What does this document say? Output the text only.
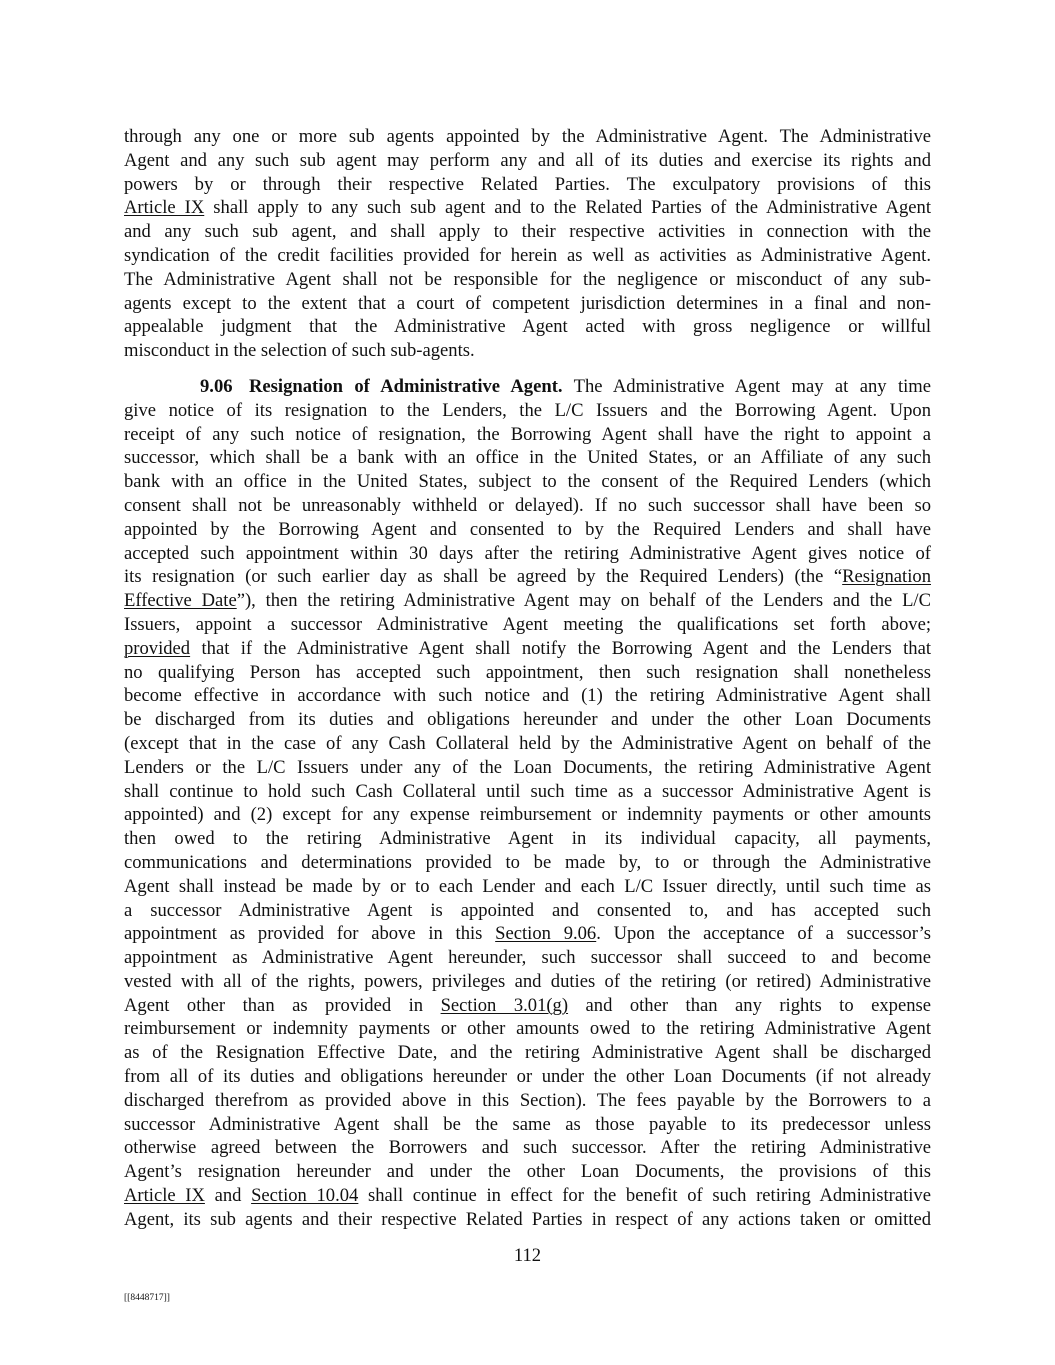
through any one or more sub agents appointed by the Administrative Agent. The Administrative
Agent and any such sub agent may perform any and all of its duties and exercise its rights and
powers by or through their respective Related Parties. The exculpatory provisions of this
Article IX shall apply to any such sub agent and to the Related Parties of the Administrative Agent
and any such sub agent, and shall apply to their respective activities in connection with the
syndication of the credit facilities provided for herein as well as activities as Administrative Agent.
The Administrative Agent shall not be responsible for the negligence or misconduct of any sub-
agents except to the extent that a court of competent jurisdiction determines in a final and non-
appealable judgment that the Administrative Agent acted with gross negligence or willful
misconduct in the selection of such sub-agents.
9.06 Resignation of Administrative Agent. The Administrative Agent may at any time
give notice of its resignation to the Lenders, the L/C Issuers and the Borrowing Agent. Upon
receipt of any such notice of resignation, the Borrowing Agent shall have the right to appoint a
successor, which shall be a bank with an office in the United States, or an Affiliate of any such
bank with an office in the United States, subject to the consent of the Required Lenders (which
consent shall not be unreasonably withheld or delayed). If no such successor shall have been so
appointed by the Borrowing Agent and consented to by the Required Lenders and shall have
accepted such appointment within 30 days after the retiring Administrative Agent gives notice of
its resignation (or such earlier day as shall be agreed by the Required Lenders) (the “Resignation
Effective Date”), then the retiring Administrative Agent may on behalf of the Lenders and the L/C
Issuers, appoint a successor Administrative Agent meeting the qualifications set forth above;
provided that if the Administrative Agent shall notify the Borrowing Agent and the Lenders that
no qualifying Person has accepted such appointment, then such resignation shall nonetheless
become effective in accordance with such notice and (1) the retiring Administrative Agent shall
be discharged from its duties and obligations hereunder and under the other Loan Documents
(except that in the case of any Cash Collateral held by the Administrative Agent on behalf of the
Lenders or the L/C Issuers under any of the Loan Documents, the retiring Administrative Agent
shall continue to hold such Cash Collateral until such time as a successor Administrative Agent is
appointed) and (2) except for any expense reimbursement or indemnity payments or other amounts
then owed to the retiring Administrative Agent in its individual capacity, all payments,
communications and determinations provided to be made by, to or through the Administrative
Agent shall instead be made by or to each Lender and each L/C Issuer directly, until such time as
a successor Administrative Agent is appointed and consented to, and has accepted such
appointment as provided for above in this Section 9.06. Upon the acceptance of a successor’s
appointment as Administrative Agent hereunder, such successor shall succeed to and become
vested with all of the rights, powers, privileges and duties of the retiring (or retired) Administrative
Agent other than as provided in Section 3.01(g) and other than any rights to expense
reimbursement or indemnity payments or other amounts owed to the retiring Administrative Agent
as of the Resignation Effective Date, and the retiring Administrative Agent shall be discharged
from all of its duties and obligations hereunder or under the other Loan Documents (if not already
discharged therefrom as provided above in this Section). The fees payable by the Borrowers to a
successor Administrative Agent shall be the same as those payable to its predecessor unless
otherwise agreed between the Borrowers and such successor. After the retiring Administrative
Agent’s resignation hereunder and under the other Loan Documents, the provisions of this
Article IX and Section 10.04 shall continue in effect for the benefit of such retiring Administrative
Agent, its sub agents and their respective Related Parties in respect of any actions taken or omitted
112
[[8448717]]
